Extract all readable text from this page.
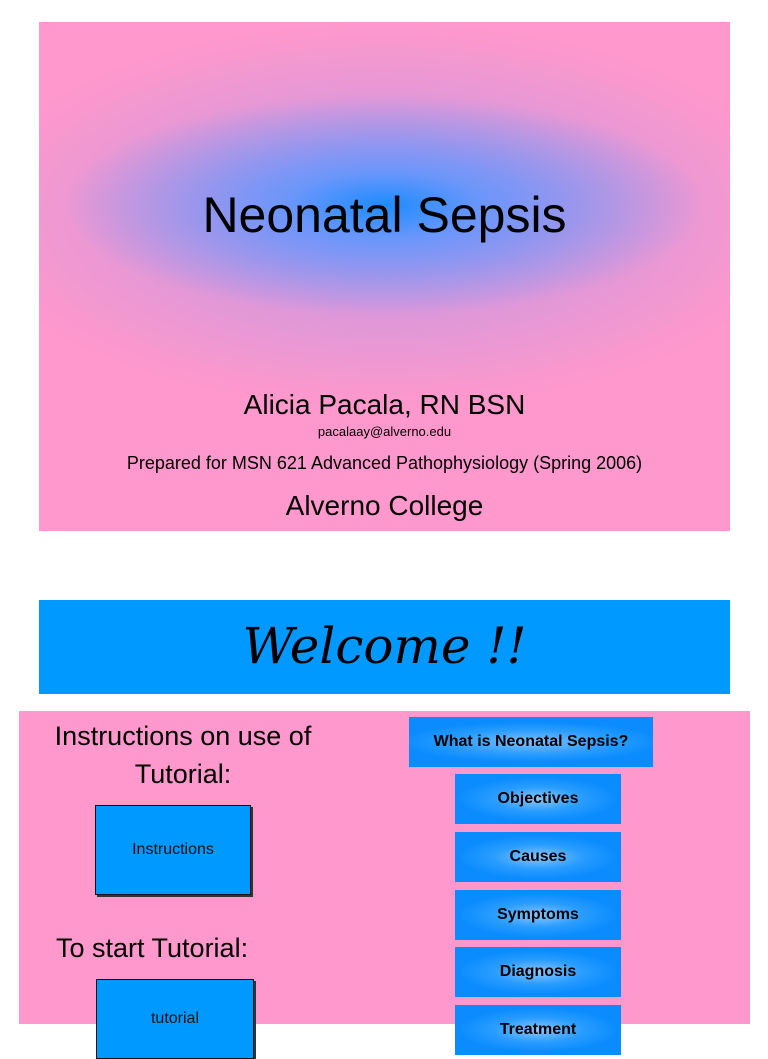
Neonatal Sepsis
Alicia Pacala, RN BSN
pacalaay@alverno.edu
Prepared for MSN 621 Advanced Pathophysiology (Spring 2006)
Alverno College
Welcome !!
Instructions on use of Tutorial:
Instructions
To start Tutorial:
tutorial
What is Neonatal Sepsis?
Objectives
Causes
Symptoms
Diagnosis
Treatment
